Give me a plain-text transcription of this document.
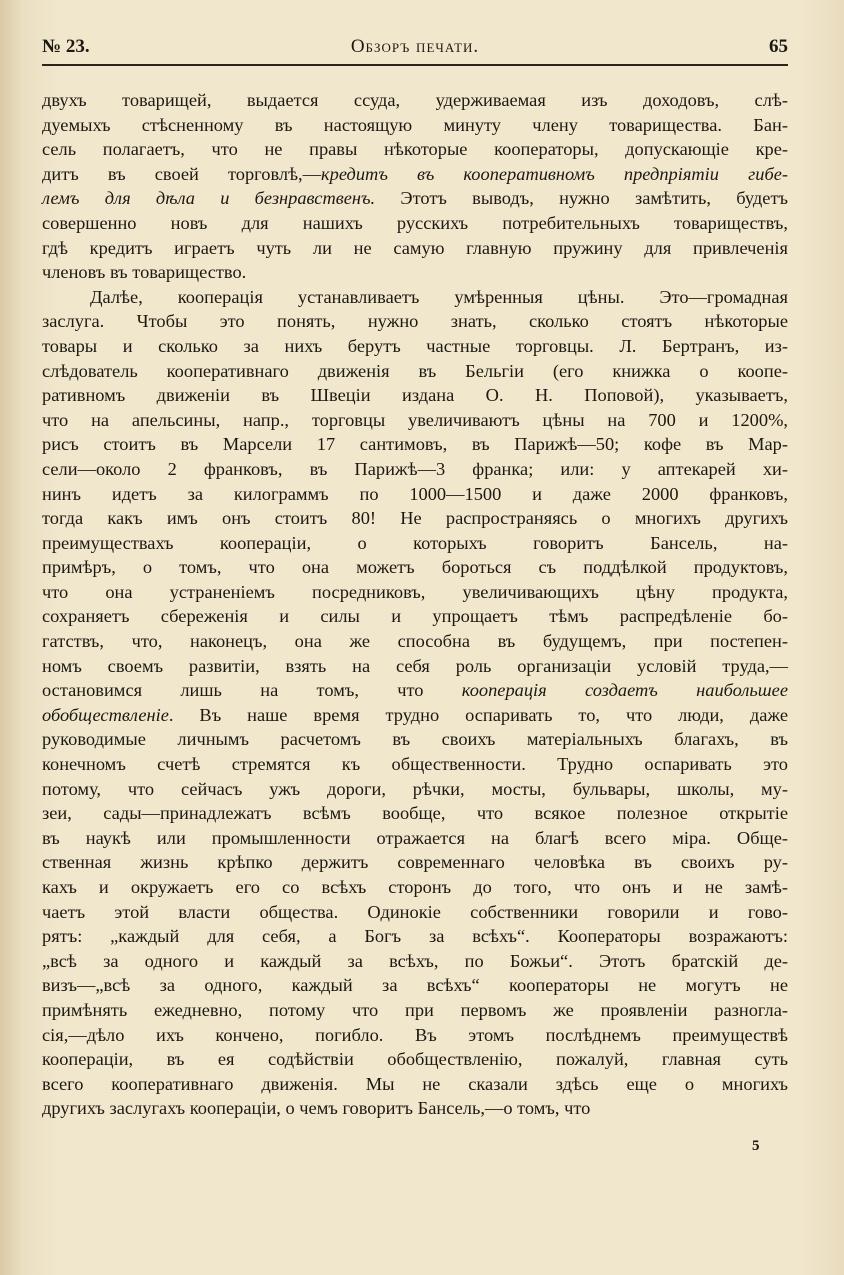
№ 23.	Обзоръ печати.	65
двухъ товарищей, выдается ссуда, удерживаемая изъ доходовъ, слѣ-
дуемыхъ стѣсненному въ настоящую минуту члену товарищества. Бан-
сель полагаетъ, что не правы нѣкоторые кооператоры, допускающіе кре-
дитъ въ своей торговлѣ,—кредитъ въ кооперативномъ предпріятіи гибе-
лемъ для дѣла и безнравственъ. Этотъ выводъ, нужно замѣтить, будетъ
совершенно новъ для нашихъ русскихъ потребительныхъ товариществъ,
гдѣ кредитъ играетъ чуть ли не самую главную пружину для привлеченія
членовъ въ товарищество.
Далѣе, кооперація устанавливаетъ умѣренныя цѣны. Это—громадная
заслуга. Чтобы это понять, нужно знать, сколько стоятъ нѣкоторые
товары и сколько за нихъ берутъ частные торговцы. Л. Бертранъ, из-
слѣдователь кооперативнаго движенія въ Бельгіи (его книжка о коопе-
ративномъ движеніи въ Швеціи издана О. Н. Поповой), указываетъ,
что на апельсины, напр., торговцы увеличиваютъ цѣны на 700 и 1200%,
рисъ стоитъ въ Марсели 17 сантимовъ, въ Парижѣ—50; кофе въ Мар-
сели—около 2 франковъ, въ Парижѣ—3 франка; или: у аптекарей хи-
нинъ идетъ за килограммъ по 1000—1500 и даже 2000 франковъ,
тогда какъ имъ онъ стоитъ 80! Не распространяясь о многихъ другихъ
преимуществахъ коопераціи, о которыхъ говоритъ Бансель, на-
примѣръ, о томъ, что она можетъ бороться съ поддѣлкой продуктовъ,
что она устраненіемъ посредниковъ, увеличивающихъ цѣну продукта,
сохраняетъ сбереженія и силы и упрощаетъ тѣмъ распредѣленіе бо-
гатствъ, что, наконецъ, она же способна въ будущемъ, при постепен-
номъ своемъ развитіи, взять на себя роль организаціи условій труда,—
остановимся лишь на томъ, что кооперація создаетъ наибольшее
обобществленіе. Въ наше время трудно оспаривать то, что люди, даже
руководимые личнымъ расчетомъ въ своихъ матеріальныхъ благахъ, въ
конечномъ счетѣ стремятся къ общественности. Трудно оспаривать это
потому, что сейчасъ ужъ дороги, рѣчки, мосты, бульвары, школы, му-
зеи, сады—принадлежатъ всѣмъ вообще, что всякое полезное открытіе
въ наукѣ или промышленности отражается на благѣ всего міра. Обще-
ственная жизнь крѣпко держитъ современнаго человѣка въ своихъ ру-
кахъ и окружаетъ его со всѣхъ сторонъ до того, что онъ и не замѣ-
чаетъ этой власти общества. Одинокіе собственники говорили и гово-
рятъ: „каждый для себя, а Богъ за всѣхъ“. Кооператоры возражаютъ:
„всѣ за одного и каждый за всѣхъ, по Божьи“. Этотъ братскій де-
визъ—„всѣ за одного, каждый за всѣхъ“ кооператоры не могутъ не
примѣнять ежедневно, потому что при первомъ же проявленіи разногла-
сія,—дѣло ихъ кончено, погибло. Въ этомъ послѣднемъ преимуществѣ
коопераціи, въ ея содѣйствіи обобществленію, пожалуй, главная суть
всего кооперативнаго движенія. Мы не сказали здѣсь еще о многихъ
другихъ заслугахъ коопераціи, о чемъ говоритъ Бансель,—о томъ, что
5
